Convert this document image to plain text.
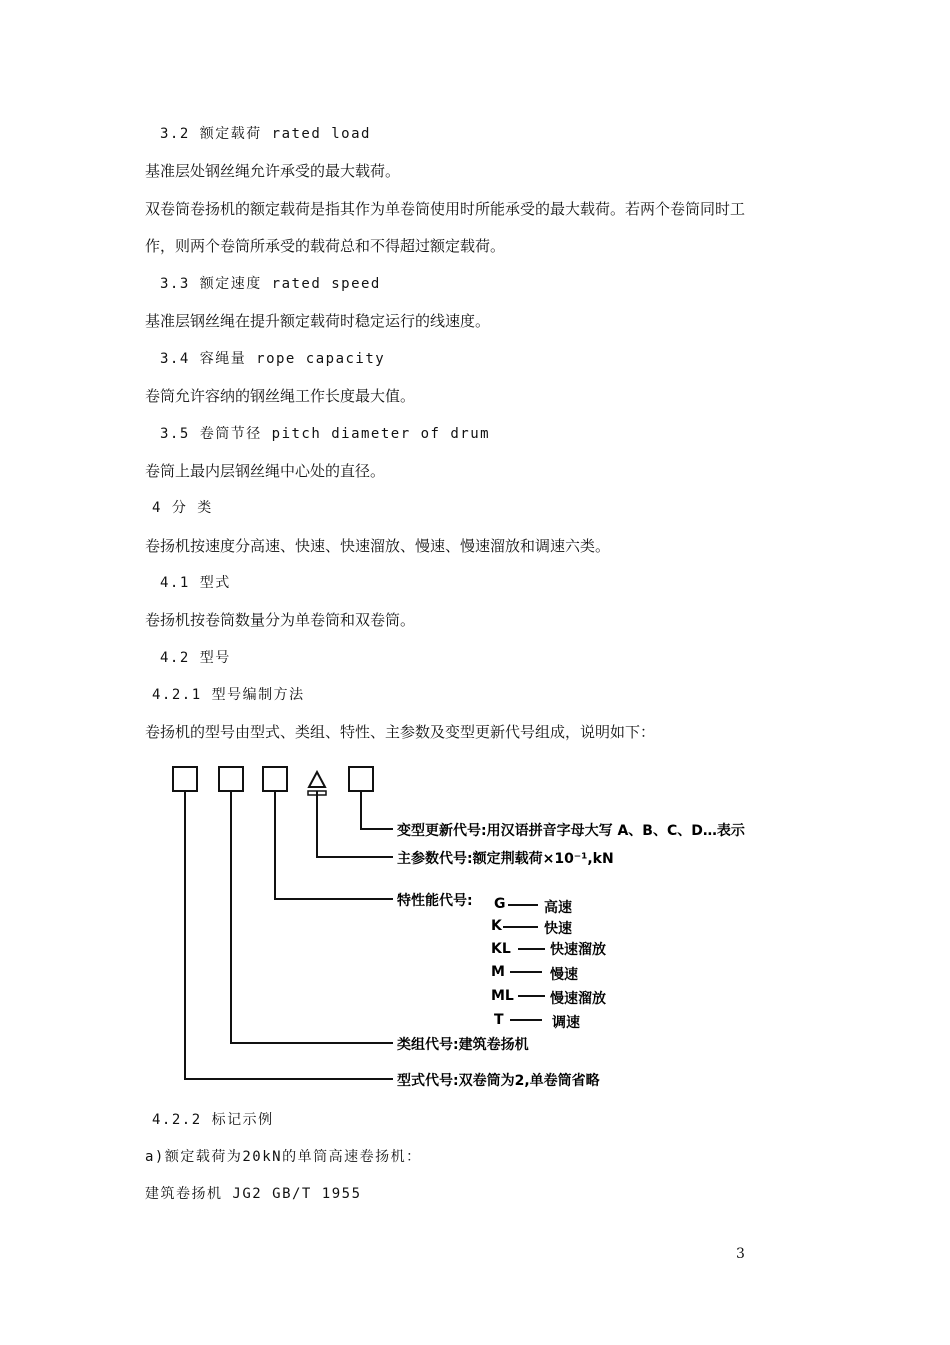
3.2 额定载荷 rated load
基准层处钢丝绳允许承受的最大载荷。
双卷筒卷扬机的额定载荷是指其作为单卷筒使用时所能承受的最大载荷。若两个卷筒同时工
作，则两个卷筒所承受的载荷总和不得超过额定载荷。
3.3 额定速度 rated speed
基准层钢丝绳在提升额定载荷时稳定运行的线速度。
3.4 容绳量 rope capacity
卷筒允许容纳的钢丝绳工作长度最大值。
3.5 卷筒节径 pitch diameter of drum
卷筒上最内层钢丝绳中心处的直径。
4 分 类
卷扬机按速度分高速、快速、快速溜放、慢速、慢速溜放和调速六类。
4.1 型式
卷扬机按卷筒数量分为单卷筒和双卷筒。
4.2 型号
4.2.1 型号编制方法
卷扬机的型号由型式、类组、特性、主参数及变型更新代号组成，说明如下：
变型更新代号:用汉语拼音字母大写 A、B、C、D…表示
主参数代号:额定荆载荷×10⁻¹,kN
特性能代号: G	高速
K	快速
KL	快速溜放
M	慢速
ML	慢速溜放
T	调速
类组代号:建筑卷扬机
型式代号:双卷筒为2,单卷筒省略
4.2.2 标记示例
a)额定载荷为20kN的单筒高速卷扬机：
建筑卷扬机 JG2 GB/T 1955
3
